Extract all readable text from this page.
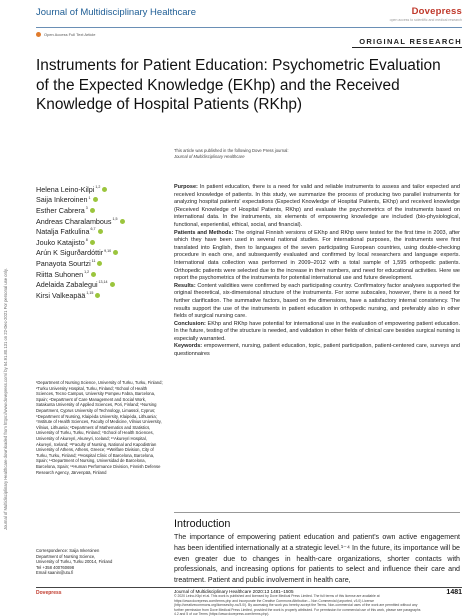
Journal of Multidisciplinary Healthcare	Dovepress
open access to scientific and medical research
Open Access Full Text Article
ORIGINAL RESEARCH
Instruments for Patient Education: Psychometric Evaluation of the Expected Knowledge (EKhp) and the Received Knowledge of Hospital Patients (RKhp)
This article was published in the following Dove Press journal:
Journal of Multidisciplinary Healthcare
Journal of Multidisciplinary Healthcare downloaded from https://www.dovepress.com/ by 54.91.80.131 on 22-Dec-2021 For personal use only.
Helena Leino-Kilpi $^{1,2}$
Saija Inkeroinen $^1$
Esther Cabrera $^3$
Andreas Charalambous $^{1,5}$
Natalja Fatkulina $^{6,7}$
Jouko Katajisto $^8$
Arún K Sigurðardóttir $^{9,10}$
Panayota Sourtzi $^{11}$
Riitta Suhonen $^{1,2}$
Adelaida Zabalegui $^{13,14}$
Kirsi Valkeapää $^{1,15}$
¹Department of Nursing Science, University of Turku, Turku, Finland; ²Turku University Hospital, Turku, Finland; ³School of Health Sciences, Tecno Campus, University Pompeu Fabra, Barcelona, Spain; ⁴Department of Care Management and Social Work, Satakunta University of Applied Sciences, Pori, Finland; ⁵Nursing Department, Cyprus University of Technology, Limassol, Cyprus; ⁶Department of Nursing, Klaipėda University, Klaipėda, Lithuania; ⁷Institute of Health Sciences, Faculty of Medicine, Vilnius University, Vilnius, Lithuania; ⁸Department of Mathematics and Statistics, University of Turku, Turku, Finland; ⁹School of Health Sciences, University of Akureyri, Akureyri, Iceland; ¹⁰Akureyri Hospital, Akureyri, Iceland; ¹¹Faculty of Nursing, National and Kapodistrian University of Athens, Athens, Greece; ¹²Welfare Division, City of Turku, Turku, Finland; ¹³Hospital Clinic of Barcelona, Barcelona, Spain; ¹⁴Department of Nursing, Universidad de Barcelona, Barcelona, Spain; ¹⁵Human Performance Division, Finnish Defense Research Agency, Järvenpää, Finland
Correspondence: Saija Inkeroinen
Department of Nursing Science,
University of Turku, Turku 20014, Finland
Tel +358 400760698
Email saanin@utu.fi
Purpose: In patient education, there is a need for valid and reliable instruments to assess and tailor expected and received knowledge of patients. In this study, we summarize the process of producing two parallel instruments for analyzing hospital patients' expectations (Expected Knowledge of Hospital Patients, EKhp) and received knowledge (Received Knowledge of Hospital Patients, RKhp) and evaluate the psychometrics of the instruments based on international data. In the instruments, six elements of empowering knowledge are included (bio-physiological, functional, experiential, ethical, social, and financial).
Patients and Methods: The original Finnish versions of EKhp and RKhp were tested for the first time in 2003, after which they have been used in several national studies. For international purposes, the instruments were first translated into English, then to languages of the seven participating European countries, using double-checking procedure in each one, and subsequently evaluated and confirmed by local researchers and language experts. International data collection was performed in 2009–2012 with a total sample of 1,595 orthopedic patients. Orthopedic patients were selected due to the increase in their numbers, and need for educational activities. Here we report the psychometrics of the instruments for potential international use and future development.
Results: Content validities were confirmed by each participating country. Confirmatory factor analyses supported the original theoretical, six-dimensional structure of the instruments. For some subscales, however, there is a need for further clarification. The summative factors, based on the dimensions, have a satisfactory internal consistency. The results support the use of the instruments in patient education in orthopedic nursing, and preferably also in other fields of surgical nursing care.
Conclusion: EKhp and RKhp have potential for international use in the evaluation of empowering patient education. In the future, testing of the structure is needed, and validation in other fields of clinical care besides surgical nursing is especially warranted.
Keywords: empowerment, nursing, patient education, topic, patient participation, patient-centered care, surveys and questionnaires
Introduction
The importance of empowering patient education and patient's own active engagement has been identified internationally at a strategic level.¹⁻⁴ In the future, its importance will be even greater due to changes in health-care organizations, shorter contacts with professionals, and increasing options for patients to select and influence their care and treatment. Patient and public involvement in health care,
Dovepress	Journal of Multidisciplinary Healthcare 2020:13 1481–1505
© 2020 Leino-Kilpi et al. This work is published and licensed by Dove Medical Press Limited. The full terms of this license are available at https://www.dovepress.com/terms.php and incorporate the Creative Commons Attribution – Non Commercial (unported, v3.0) License (http://creativecommons.org/licenses/by-nc/3.0/). By accessing the work you hereby accept the Terms. Non-commercial uses of the work are permitted without any further permission from Dove Medical Press Limited, provided the work is properly attributed. For permission for commercial use of this work, please see paragraphs 4.2 and 5 of our Terms (https://www.dovepress.com/terms.php).
1481
